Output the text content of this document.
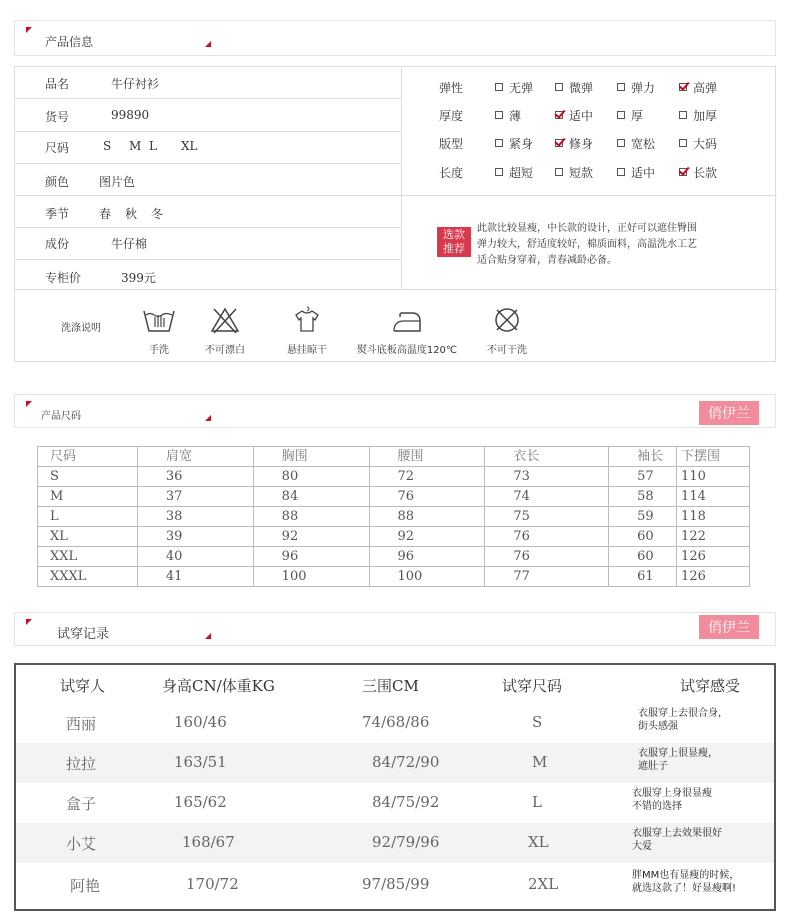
产品信息
品名	牛仔衬衫
货号	99890
尺码	S M L XL
颜色 图片色
季节 春 秋 冬
成份	牛仔棉
专柜价	399元
弹性	无弹	微弹	弹力	高弹
厚度	薄	适中	厚	加厚
版型	紧身	修身	宽松	大码
长度	超短	短款	适中	长款
选款
推荐
此款比较显瘦，中长款的设计，正好可以遮住臀围
弹力较大，舒适度较好，棉质面料，高温洗水工艺
适合贴身穿着，青春减龄必备。
洗涤说明
手洗	不可漂白	悬挂晾干	熨斗底板高温度120℃	不可干洗
产品尺码	俏伊兰
尺码	肩宽	胸围	腰围	衣长	袖长	下摆围
S	36	80	72	73	57	110
M	37	84	76	74	58	114
L	38	88	88	75	59	118
XL	39	92	92	76	60	122
XXL	40	96	96	76	60	126
XXXL	41	100	100	77	61	126
试穿记录	俏伊兰
试穿人	身高CN/体重KG	三围CM	试穿尺码	试穿感受
西丽	160/46	74/68/86	S	衣服穿上去很合身，
街头感强
拉拉	163/51	84/72/90	M	衣服穿上很显瘦，
遮肚子
盒子	165/62	84/75/92	L	衣服穿上身很显瘦
不错的选择
小艾	168/67	92/79/96	XL	衣服穿上去效果很好
大爱
阿艳	170/72	97/85/99	2XL	胖MM也有显瘦的时候，
就选这款了！好显瘦啊!
